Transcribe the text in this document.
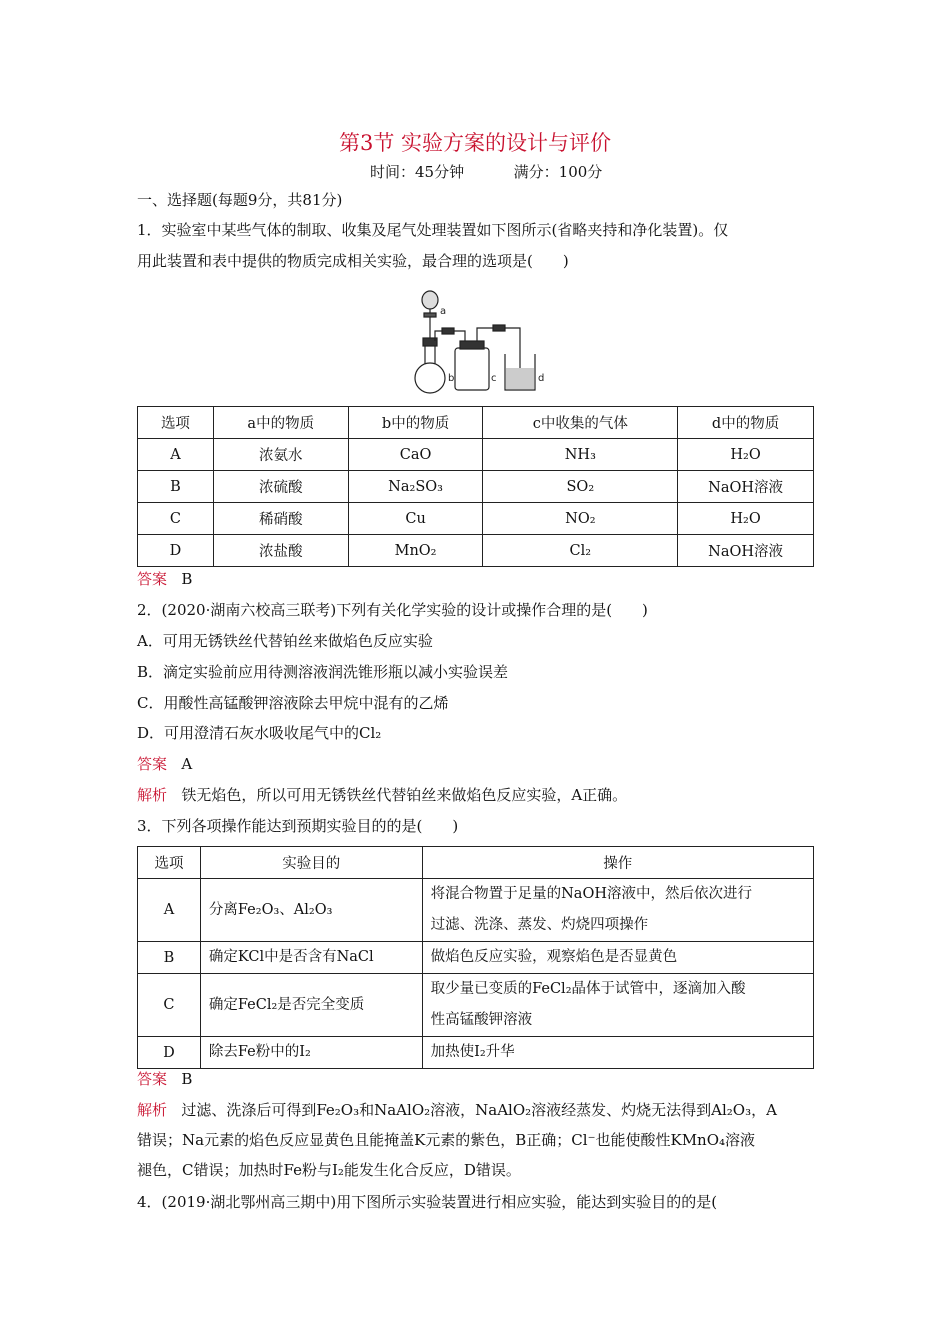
第3节 实验方案的设计与评价
时间：45分钟	满分：100分
一、选择题(每题9分，共81分)
1．实验室中某些气体的制取、收集及尾气处理装置如下图所示(省略夹持和净化装置)。仅
用此装置和表中提供的物质完成相关实验，最合理的选项是(　　)
a
b	c	d
选项	a中的物质	b中的物质	c中收集的气体	d中的物质
A	浓氨水	CaO	NH₃	H₂O
B	浓硫酸	Na₂SO₃	SO₂	NaOH溶液
C	稀硝酸	Cu	NO₂	H₂O
D	浓盐酸	MnO₂	Cl₂	NaOH溶液
答案 B
2．(2020·湖南六校高三联考)下列有关化学实验的设计或操作合理的是(　　)
A．可用无锈铁丝代替铂丝来做焰色反应实验
B．滴定实验前应用待测溶液润洗锥形瓶以减小实验误差
C．用酸性高锰酸钾溶液除去甲烷中混有的乙烯
D．可用澄清石灰水吸收尾气中的Cl₂
答案 A
解析 铁无焰色，所以可用无锈铁丝代替铂丝来做焰色反应实验，A正确。
3．下列各项操作能达到预期实验目的的是(　　)
选项	实验目的	操作
A	分离Fe₂O₃、Al₂O₃	将混合物置于足量的NaOH溶液中，然后依次进行
过滤、洗涤、蒸发、灼烧四项操作

B	确定KCl中是否含有NaCl	做焰色反应实验，观察焰色是否显黄色
C	确定FeCl₂是否完全变质	取少量已变质的FeCl₂晶体于试管中，逐滴加入酸
性高锰酸钾溶液

D	除去Fe粉中的I₂	加热使I₂升华
答案 B
解析 过滤、洗涤后可得到Fe₂O₃和NaAlO₂溶液，NaAlO₂溶液经蒸发、灼烧无法得到Al₂O₃，A
错误；Na元素的焰色反应显黄色且能掩盖K元素的紫色，B正确；Cl⁻也能使酸性KMnO₄溶液
褪色，C错误；加热时Fe粉与I₂能发生化合反应，D错误。
4．(2019·湖北鄂州高三期中)用下图所示实验装置进行相应实验，能达到实验目的的是(
